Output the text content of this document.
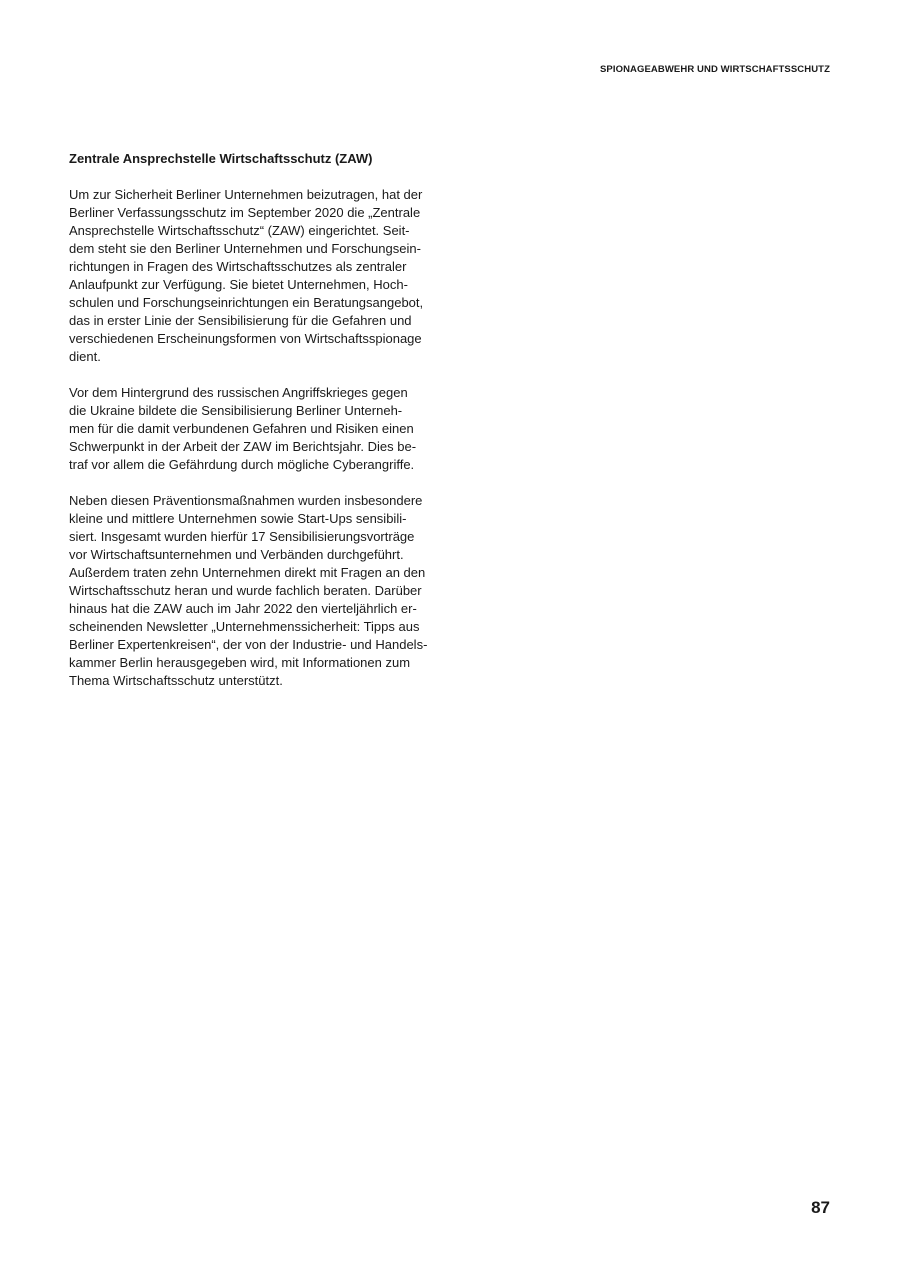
SPIONAGEABWEHR UND WIRTSCHAFTSSCHUTZ
Zentrale Ansprechstelle Wirtschaftsschutz (ZAW)
Um zur Sicherheit Berliner Unternehmen beizutragen, hat der
Berliner Verfassungsschutz im September 2020 die „Zentrale
Ansprechstelle Wirtschaftsschutz“ (ZAW) eingerichtet. Seit-
dem steht sie den Berliner Unternehmen und Forschungsein-
richtungen in Fragen des Wirtschaftsschutzes als zentraler
Anlaufpunkt zur Verfügung. Sie bietet Unternehmen, Hoch-
schulen und Forschungseinrichtungen ein Beratungsangebot,
das in erster Linie der Sensibilisierung für die Gefahren und
verschiedenen Erscheinungsformen von Wirtschaftsspionage
dient.
Vor dem Hintergrund des russischen Angriffskrieges gegen
die Ukraine bildete die Sensibilisierung Berliner Unterneh-
men für die damit verbundenen Gefahren und Risiken einen
Schwerpunkt in der Arbeit der ZAW im Berichtsjahr. Dies be-
traf vor allem die Gefährdung durch mögliche Cyberangriffe.
Neben diesen Präventionsmaßnahmen wurden insbesondere
kleine und mittlere Unternehmen sowie Start-Ups sensibili-
siert. Insgesamt wurden hierfür 17 Sensibilisierungsvorträge
vor Wirtschaftsunternehmen und Verbänden durchgeführt.
Außerdem traten zehn Unternehmen direkt mit Fragen an den
Wirtschaftsschutz heran und wurde fachlich beraten. Darüber
hinaus hat die ZAW auch im Jahr 2022 den vierteljährlich er-
scheinenden Newsletter „Unternehmenssicherheit: Tipps aus
Berliner Expertenkreisen“, der von der Industrie- und Handels-
kammer Berlin herausgegeben wird, mit Informationen zum
Thema Wirtschaftsschutz unterstützt.
87
